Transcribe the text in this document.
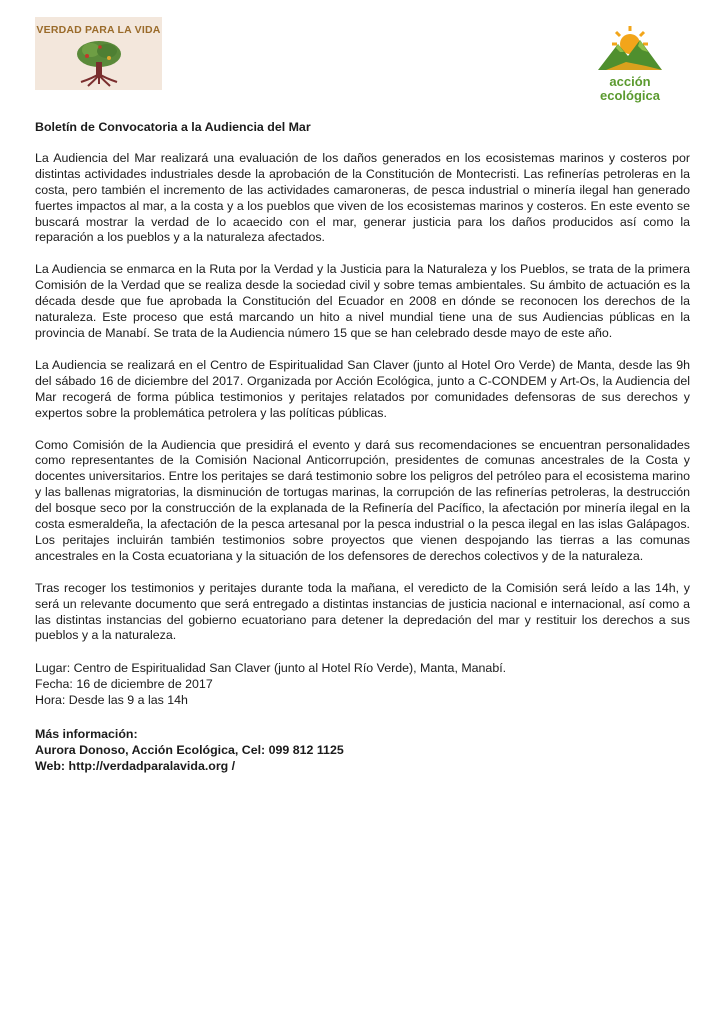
VERDAD PARA LA VIDA
acción
ecológica
Boletín de Convocatoria a la Audiencia del Mar

La Audiencia del Mar realizará una evaluación de los daños generados en los ecosistemas marinos y costeros por distintas actividades industriales desde la aprobación de la Constitución de Montecristi. Las refinerías petroleras en la costa, pero también el incremento de las actividades camaroneras, de pesca industrial o minería ilegal han generado fuertes impactos al mar, a la costa y a los pueblos que viven de los ecosistemas marinos y costeros. En este evento se buscará mostrar la verdad de lo acaecido con el mar, generar justicia para los daños producidos así como la reparación a los pueblos y a la naturaleza afectados.

La Audiencia se enmarca en la Ruta por la Verdad y la Justicia para la Naturaleza y los Pueblos, se trata de la primera Comisión de la Verdad que se realiza desde la sociedad civil y sobre temas ambientales. Su ámbito de actuación es la década desde que fue aprobada la Constitución del Ecuador en 2008 en dónde se reconocen los derechos de la naturaleza. Este proceso que está marcando un hito a nivel mundial tiene una de sus Audiencias públicas en la provincia de Manabí. Se trata de la Audiencia número 15 que se han celebrado desde mayo de este año.

La Audiencia se realizará en el Centro de Espiritualidad San Claver (junto al Hotel Oro Verde) de Manta, desde las 9h del sábado 16 de diciembre del 2017. Organizada por Acción Ecológica, junto a C-CONDEM y Art-Os, la Audiencia del Mar recogerá de forma pública testimonios y peritajes relatados por comunidades defensoras de sus derechos y expertos sobre la problemática petrolera y las políticas públicas.

Como Comisión de la Audiencia que presidirá el evento y dará sus recomendaciones se encuentran personalidades como representantes de la Comisión Nacional Anticorrupción, presidentes de comunas ancestrales de la Costa y docentes universitarios. Entre los peritajes se dará testimonio sobre los peligros del petróleo para el ecosistema marino y las ballenas migratorias, la disminución de tortugas marinas, la corrupción de las refinerías petroleras, la destrucción del bosque seco por la construcción de la explanada de la Refinería del Pacífico, la afectación por minería ilegal en la costa esmeraldeña, la afectación de la pesca artesanal por la pesca industrial o la pesca ilegal en las islas Galápagos. Los peritajes incluirán también testimonios sobre proyectos que vienen despojando las tierras a las comunas ancestrales en la Costa ecuatoriana y la situación de los defensores de derechos colectivos y de la naturaleza.

Tras recoger los testimonios y peritajes durante toda la mañana, el veredicto de la Comisión será leído a las 14h, y será un relevante documento que será entregado a distintas instancias de justicia nacional e internacional, así como a las distintas instancias del gobierno ecuatoriano para detener la depredación del mar y restituir los derechos a sus pueblos y a la naturaleza.

Lugar: Centro de Espiritualidad San Claver (junto al Hotel Río Verde), Manta, Manabí.
Fecha: 16 de diciembre de 2017
Hora: Desde las 9 a las 14h
Más información:
Aurora Donoso, Acción Ecológica, Cel: 099 812 1125
Web: http://verdadparalavida.org /
